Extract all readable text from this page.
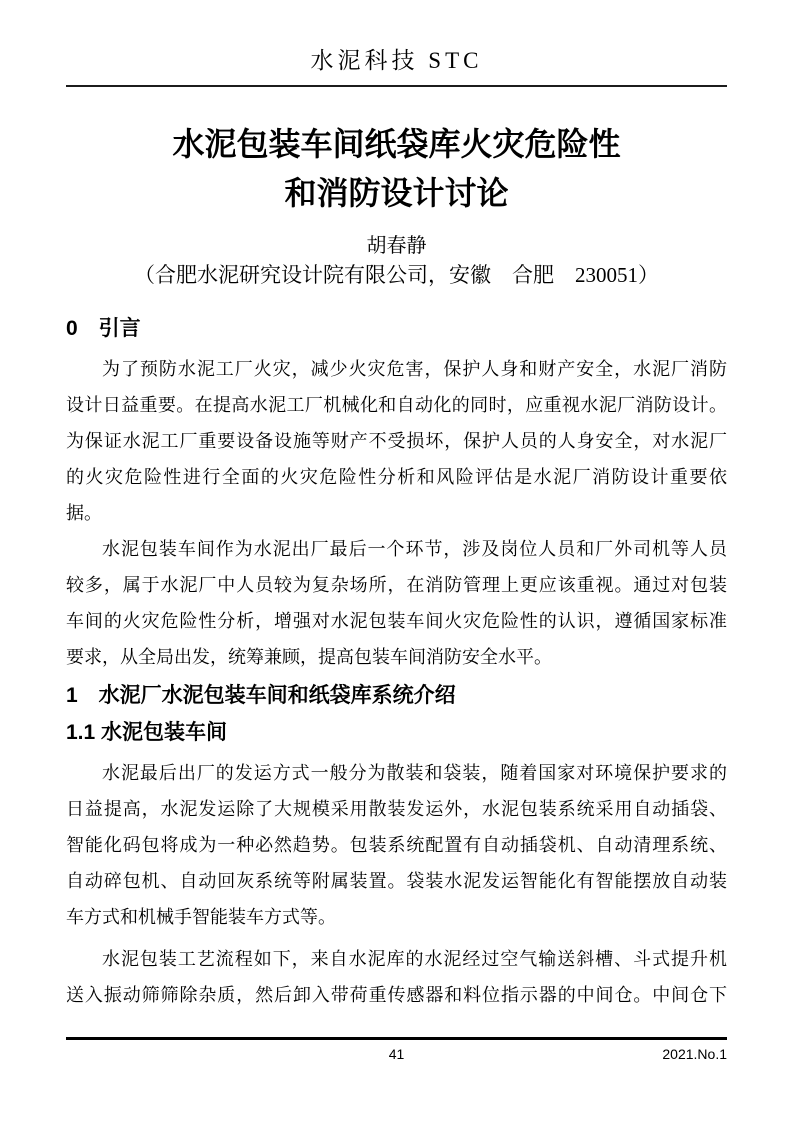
水泥科技 STC
水泥包装车间纸袋库火灾危险性
和消防设计讨论
胡春静
（合肥水泥研究设计院有限公司，安徽　合肥　230051）
0　引言
为了预防水泥工厂火灾，减少火灾危害，保护人身和财产安全，水泥厂消防
设计日益重要。在提高水泥工厂机械化和自动化的同时，应重视水泥厂消防设计。
为保证水泥工厂重要设备设施等财产不受损坏，保护人员的人身安全，对水泥厂
的火灾危险性进行全面的火灾危险性分析和风险评估是水泥厂消防设计重要依
据。
水泥包装车间作为水泥出厂最后一个环节，涉及岗位人员和厂外司机等人员
较多，属于水泥厂中人员较为复杂场所，在消防管理上更应该重视。通过对包装
车间的火灾危险性分析，增强对水泥包装车间火灾危险性的认识，遵循国家标准
要求，从全局出发，统筹兼顾，提高包装车间消防安全水平。
1　水泥厂水泥包装车间和纸袋库系统介绍
1.1 水泥包装车间
水泥最后出厂的发运方式一般分为散装和袋装，随着国家对环境保护要求的
日益提高，水泥发运除了大规模采用散装发运外，水泥包装系统采用自动插袋、
智能化码包将成为一种必然趋势。包装系统配置有自动插袋机、自动清理系统、
自动碎包机、自动回灰系统等附属装置。袋装水泥发运智能化有智能摆放自动装
车方式和机械手智能装车方式等。
水泥包装工艺流程如下，来自水泥库的水泥经过空气输送斜槽、斗式提升机
送入振动筛筛除杂质，然后卸入带荷重传感器和料位指示器的中间仓。中间仓下
41	2021.No.1
